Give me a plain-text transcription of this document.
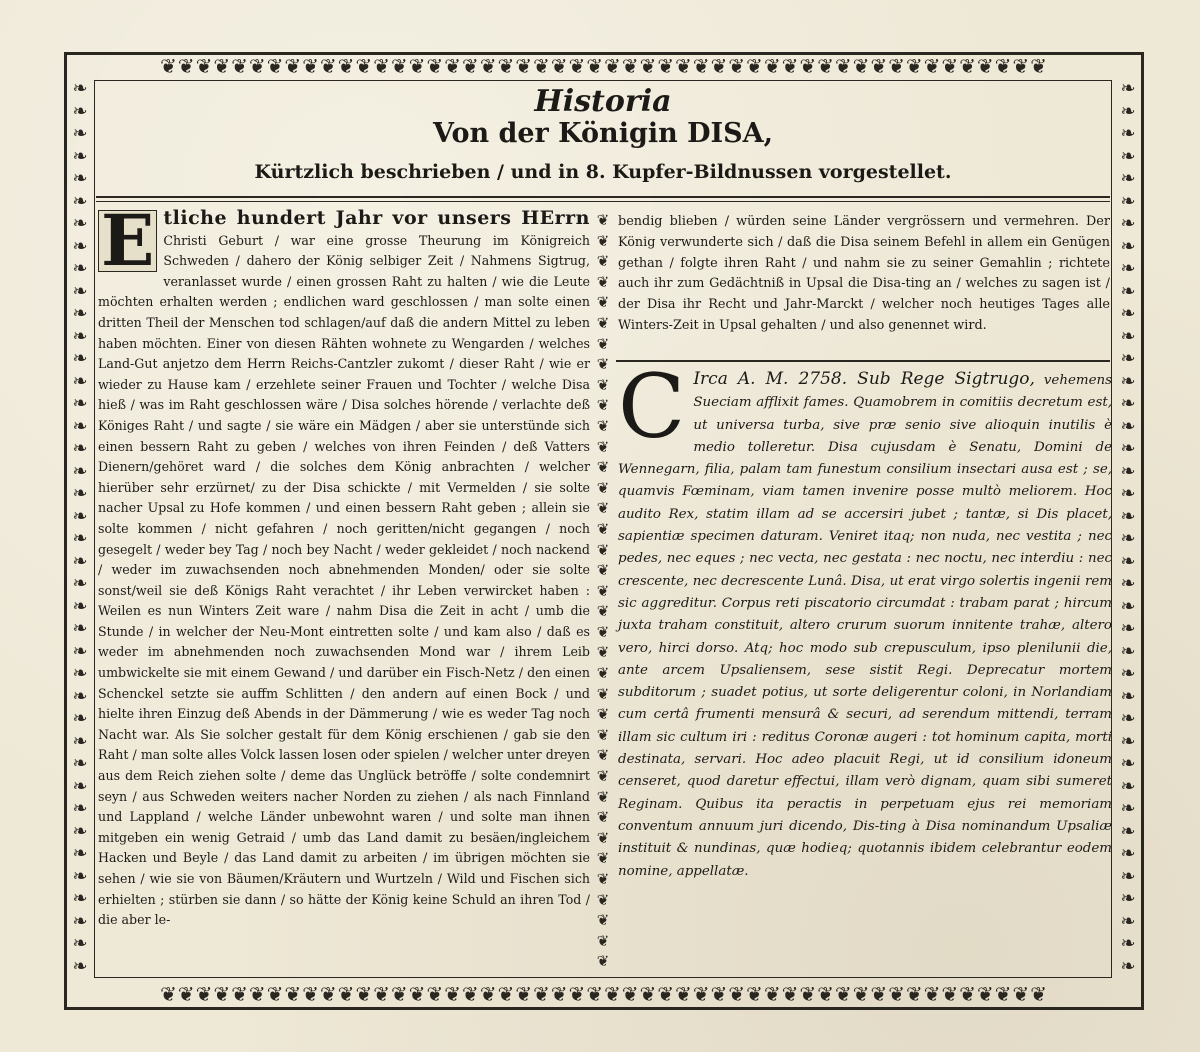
❦❦❦❦❦❦❦❦❦❦❦❦❦❦❦❦❦❦❦❦❦❦❦❦❦❦❦❦❦❦❦❦❦❦❦❦❦❦❦❦❦❦❦❦❦❦❦❦❦❦
❦❦❦❦❦❦❦❦❦❦❦❦❦❦❦❦❦❦❦❦❦❦❦❦❦❦❦❦❦❦❦❦❦❦❦❦❦❦❦❦❦❦❦❦❦❦❦❦❦❦
❧❧❧❧❧❧❧❧❧❧❧❧❧❧❧❧❧❧❧❧❧❧❧❧❧❧❧❧❧❧❧❧❧❧❧❧❧❧❧❧
❧❧❧❧❧❧❧❧❧❧❧❧❧❧❧❧❧❧❧❧❧❧❧❧❧❧❧❧❧❧❧❧❧❧❧❧❧❧❧❧
Historia
Von der Königin DISA,
Kürtzlich beschrieben / und in 8. Kupfer-Bildnussen vorgestellet.
E tliche hundert Jahr vor unsers HErrn Christi Geburt / war eine grosse Theurung im Königreich Schweden / dahero der König selbiger Zeit / Nahmens Sigtrug, veranlasset wurde / einen grossen Raht zu halten / wie die Leute möchten erhalten werden ; endlichen ward geschlossen / man solte einen dritten Theil der Menschen tod schlagen/auf daß die andern Mittel zu leben haben möchten. Einer von diesen Rähten wohnete zu Wengarden / welches Land-Gut anjetzo dem Herrn Reichs-Cantzler zukomt / dieser Raht / wie er wieder zu Hause kam / erzehlete seiner Frauen und Tochter / welche Disa hieß / was im Raht geschlossen wäre / Disa solches hörende / verlachte deß Königes Raht / und sagte / sie wäre ein Mädgen / aber sie unterstünde sich einen bessern Raht zu geben / welches von ihren Feinden / deß Vatters Dienern/gehöret ward / die solches dem König anbrachten / welcher hierüber sehr erzürnet/ zu der Disa schickte / mit Vermelden / sie solte nacher Upsal zu Hofe kommen / und einen bessern Raht geben ; allein sie solte kommen / nicht gefahren / noch geritten/nicht gegangen / noch gesegelt / weder bey Tag / noch bey Nacht / weder gekleidet / noch nackend / weder im zuwachsenden noch abnehmenden Monden/ oder sie solte sonst/weil sie deß Königs Raht verachtet / ihr Leben verwircket haben : Weilen es nun Winters Zeit ware / nahm Disa die Zeit in acht / umb die Stunde / in welcher der Neu-Mont eintretten solte / und kam also / daß es weder im abnehmenden noch zuwachsenden Mond war / ihrem Leib umbwickelte sie mit einem Gewand / und darüber ein Fisch-Netz / den einen Schenckel setzte sie auffm Schlitten / den andern auf einen Bock / und hielte ihren Einzug deß Abends in der Dämmerung / wie es weder Tag noch Nacht war. Als Sie solcher gestalt für dem König erschienen / gab sie den Raht / man solte alles Volck lassen losen oder spielen / welcher unter dreyen aus dem Reich ziehen solte / deme das Unglück betröffe / solte condemnirt seyn / aus Schweden weiters nacher Norden zu ziehen / als nach Finnland und Lappland / welche Länder unbewohnt waren / und solte man ihnen mitgeben ein wenig Getraid / umb das Land damit zu besäen/ingleichem Hacken und Beyle / das Land damit zu arbeiten / im übrigen möchten sie sehen / wie sie von Bäumen/Kräutern und Wurtzeln / Wild und Fischen sich erhielten ; stürben sie dann / so hätte der König keine Schuld an ihren Tod / die aber le-
❦❦❦❦❦❦❦❦❦❦❦❦❦❦❦❦❦❦❦❦❦❦❦❦❦❦❦❦❦❦❦❦❦❦❦❦❦
bendig blieben / würden seine Länder vergrössern und vermehren. Der König verwunderte sich / daß die Disa seinem Befehl in allem ein Genügen gethan / folgte ihren Raht / und nahm sie zu seiner Gemahlin ; richtete auch ihr zum Gedächtniß in Upsal die Disa-ting an / welches zu sagen ist / der Disa ihr Recht und Jahr-Marckt / welcher noch heutiges Tages alle Winters-Zeit in Upsal gehalten / und also genennet wird.
C Irca A. M. 2758. Sub Rege Sigtrugo, vehemens Sueciam afflixit fames. Quamobrem in comitiis decretum est, ut universa turba, sive præ senio sive alioquin inutilis è medio tolleretur. Disa cujusdam è Senatu, Domini de Wennegarn, filia, palam tam funestum consilium insectari ausa est ; se, quamvis Fœminam, viam tamen invenire posse multò meliorem. Hoc audito Rex, statim illam ad se accersiri jubet ; tantæ, si Dis placet, sapientiæ specimen daturam. Veniret itaq; non nuda, nec vestita ; nec pedes, nec eques ; nec vecta, nec gestata : nec noctu, nec interdiu : nec crescente, nec decrescente Lunâ. Disa, ut erat virgo solertis ingenii rem sic aggreditur. Corpus reti piscatorio circumdat : trabam parat ; hircum juxta traham constituit, altero crurum suorum innitente trahæ, altero vero, hirci dorso. Atq; hoc modo sub crepusculum, ipso plenilunii die, ante arcem Upsaliensem, sese sistit Regi. Deprecatur mortem subditorum ; suadet potius, ut sorte deligerentur coloni, in Norlandiam cum certâ frumenti mensurâ & securi, ad serendum mittendi, terram illam sic cultum iri : reditus Coronæ augeri : tot hominum capita, morti destinata, servari. Hoc adeo placuit Regi, ut id consilium idoneum censeret, quod daretur effectui, illam verò dignam, quam sibi sumeret Reginam. Quibus ita peractis in perpetuam ejus rei memoriam conventum annuum juri dicendo, Dis-ting à Disa nominandum Upsaliæ instituit & nundinas, quæ hodieq; quotannis ibidem celebrantur eodem nomine, appellatæ.
